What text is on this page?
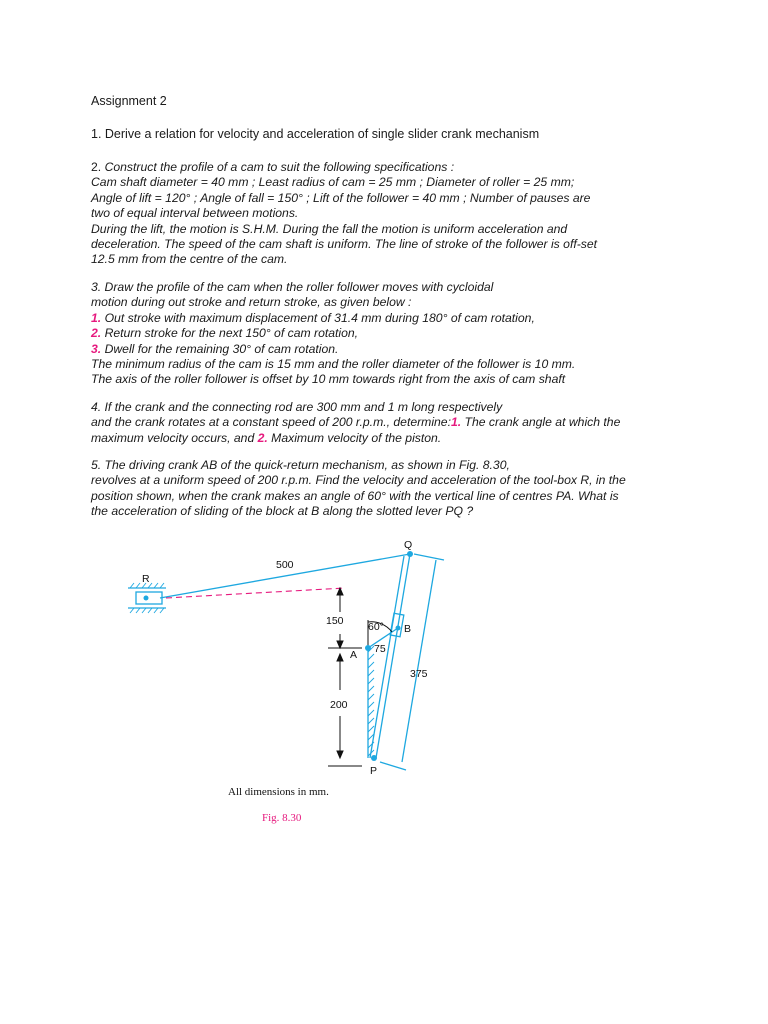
Assignment 2
1. Derive a relation for velocity and acceleration of single slider crank mechanism
2. Construct the profile of a cam to suit the following specifications :
Cam shaft diameter = 40 mm ; Least radius of cam = 25 mm ; Diameter of roller = 25 mm;
Angle of lift = 120° ; Angle of fall = 150° ; Lift of the follower = 40 mm ; Number of pauses are
two of equal interval between motions.
During the lift, the motion is S.H.M. During the fall the motion is uniform acceleration and
deceleration. The speed of the cam shaft is uniform. The line of stroke of the follower is off-set
12.5 mm from the centre of the cam.
3. Draw the profile of the cam when the roller follower moves with cycloidal
motion during out stroke and return stroke, as given below :
1. Out stroke with maximum displacement of 31.4 mm during 180° of cam rotation,
2. Return stroke for the next 150° of cam rotation,
3. Dwell for the remaining 30° of cam rotation.
The minimum radius of the cam is 15 mm and the roller diameter of the follower is 10 mm.
The axis of the roller follower is offset by 10 mm towards right from the axis of cam shaft
4. If the crank and the connecting rod are 300 mm and 1 m long respectively
and the crank rotates at a constant speed of 200 r.p.m., determine:1. The crank angle at which the
maximum velocity occurs, and 2. Maximum velocity of the piston.
5. The driving crank AB of the quick-return mechanism, as shown in Fig. 8.30,
revolves at a uniform speed of 200 r.p.m. Find the velocity and acceleration of the tool-box R, in the
position shown, when the crank makes an angle of 60° with the vertical line of centres PA. What is
the acceleration of sliding of the block at B along the slotted lever PQ ?
Q
R
B
A
P
500
150
200
375
60°
75
All dimensions in mm.
Fig. 8.30
